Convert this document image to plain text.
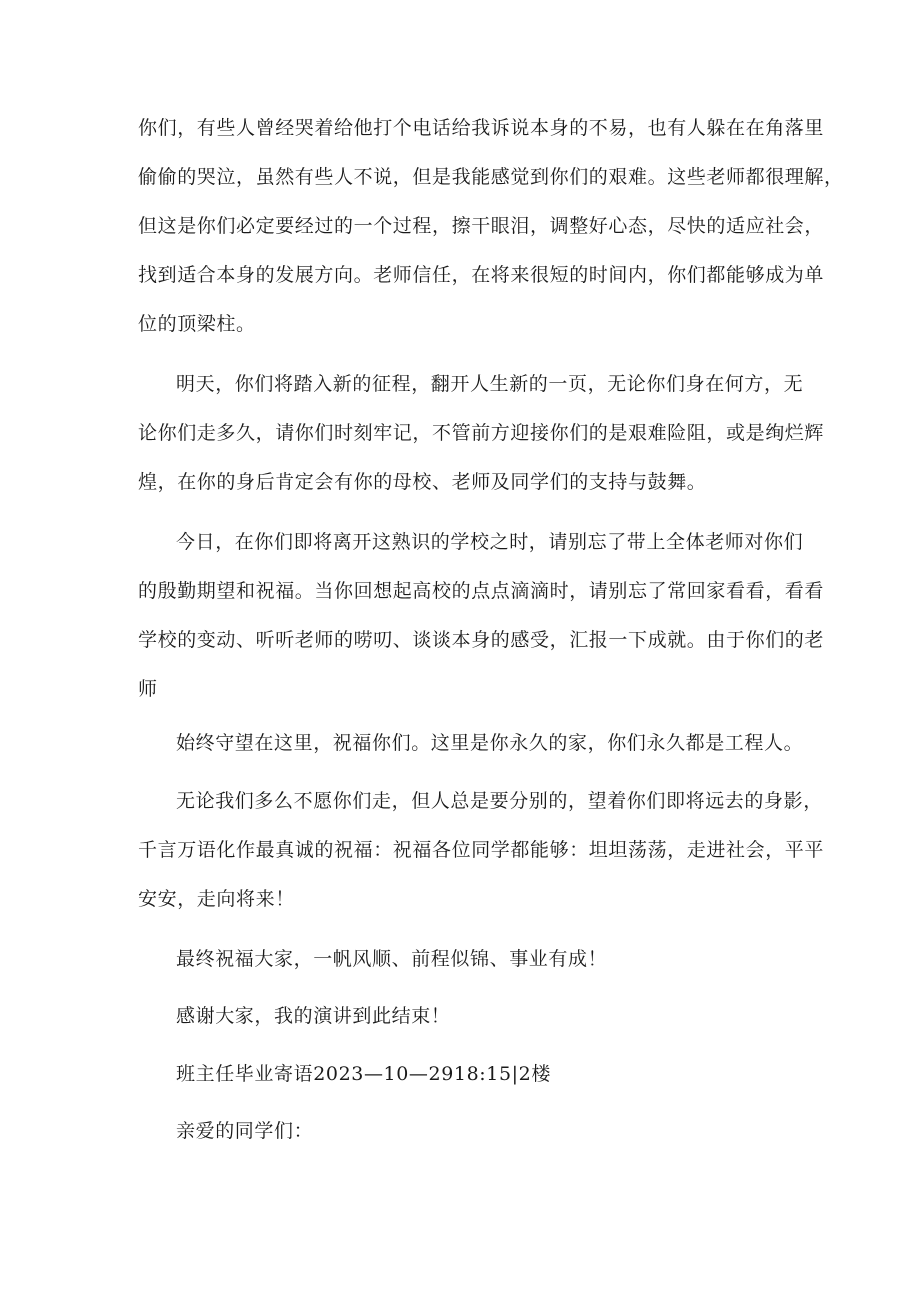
你们，有些人曾经哭着给他打个电话给我诉说本身的不易，也有人躲在在角落里
偷偷的哭泣，虽然有些人不说，但是我能感觉到你们的艰难。这些老师都很理解，
但这是你们必定要经过的一个过程，擦干眼泪，调整好心态，尽快的适应社会，
找到适合本身的发展方向。老师信任，在将来很短的时间内，你们都能够成为单
位的顶梁柱。
明天，你们将踏入新的征程，翻开人生新的一页，无论你们身在何方，无
论你们走多久，请你们时刻牢记，不管前方迎接你们的是艰难险阻，或是绚烂辉
煌，在你的身后肯定会有你的母校、老师及同学们的支持与鼓舞。
今日，在你们即将离开这熟识的学校之时，请别忘了带上全体老师对你们
的殷勤期望和祝福。当你回想起高校的点点滴滴时，请别忘了常回家看看，看看
学校的变动、听听老师的唠叨、谈谈本身的感受，汇报一下成就。由于你们的老
师
始终守望在这里，祝福你们。这里是你永久的家，你们永久都是工程人。
无论我们多么不愿你们走，但人总是要分别的，望着你们即将远去的身影，
千言万语化作最真诚的祝福：祝福各位同学都能够：坦坦荡荡，走进社会，平平
安安，走向将来！
最终祝福大家，一帆风顺、前程似锦、事业有成！
感谢大家，我的演讲到此结束！
班主任毕业寄语2023—10—2918:15|2楼
亲爱的同学们：
